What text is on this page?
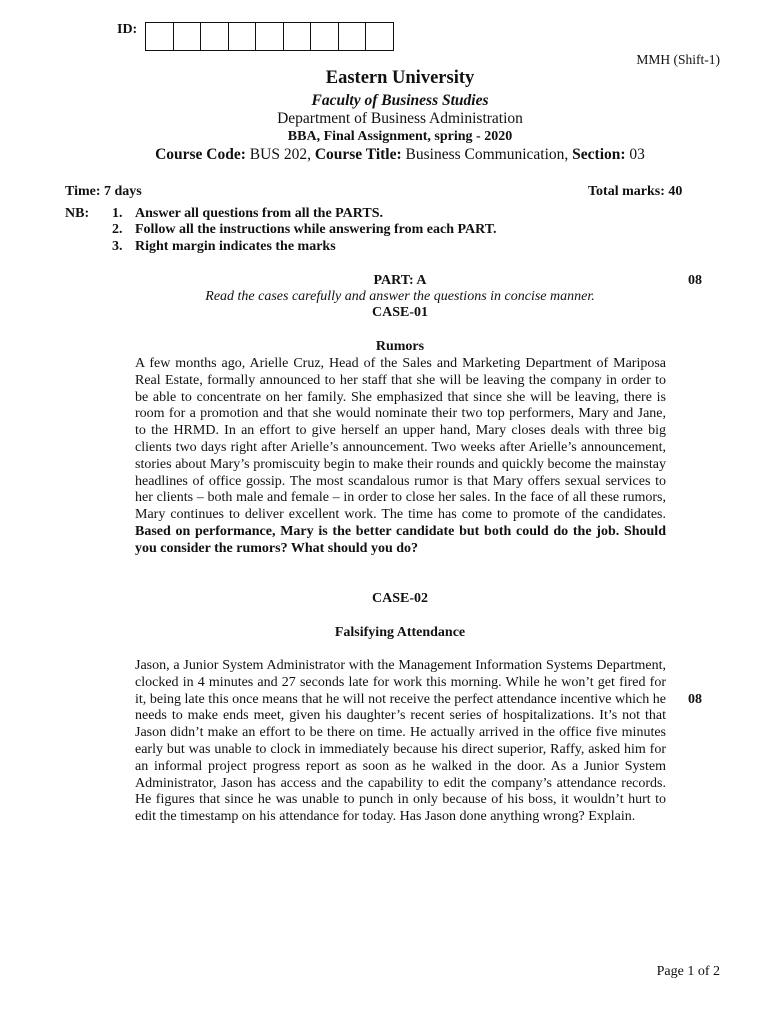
ID:
MMH (Shift-1)
Eastern University
Faculty of Business Studies
Department of Business Administration
BBA, Final Assignment, spring - 2020
Course Code: BUS 202, Course Title: Business Communication, Section: 03
Time: 7 days	Total marks: 40
NB: 1. Answer all questions from all the PARTS.
2. Follow all the instructions while answering from each PART.
3. Right margin indicates the marks
PART: A	08
Read the cases carefully and answer the questions in concise manner.
CASE-01
Rumors

A few months ago, Arielle Cruz, Head of the Sales and Marketing Department of Mariposa Real Estate, formally announced to her staff that she will be leaving the company in order to be able to concentrate on her family. She emphasized that since she will be leaving, there is room for a promotion and that she would nominate their two top performers, Mary and Jane, to the HRMD. In an effort to give herself an upper hand, Mary closes deals with three big clients two days right after Arielle’s announcement. Two weeks after Arielle’s announcement, stories about Mary’s promiscuity begin to make their rounds and quickly become the mainstay headlines of office gossip. The most scandalous rumor is that Mary offers sexual services to her clients – both male and female – in order to close her sales. In the face of all these rumors, Mary continues to deliver excellent work. The time has come to promote of the candidates. Based on performance, Mary is the better candidate but both could do the job. Should you consider the rumors? What should you do?

CASE-02
Falsifying Attendance
08

Jason, a Junior System Administrator with the Management Information Systems Department, clocked in 4 minutes and 27 seconds late for work this morning. While he won’t get fired for it, being late this once means that he will not receive the perfect attendance incentive which he needs to make ends meet, given his daughter’s recent series of hospitalizations. It’s not that Jason didn’t make an effort to be there on time. He actually arrived in the office five minutes early but was unable to clock in immediately because his direct superior, Raffy, asked him for an informal project progress report as soon as he walked in the door. As a Junior System Administrator, Jason has access and the capability to edit the company’s attendance records. He figures that since he was unable to punch in only because of his boss, it wouldn’t hurt to edit the timestamp on his attendance for today. Has Jason done anything wrong? Explain.

Page 1 of 2
